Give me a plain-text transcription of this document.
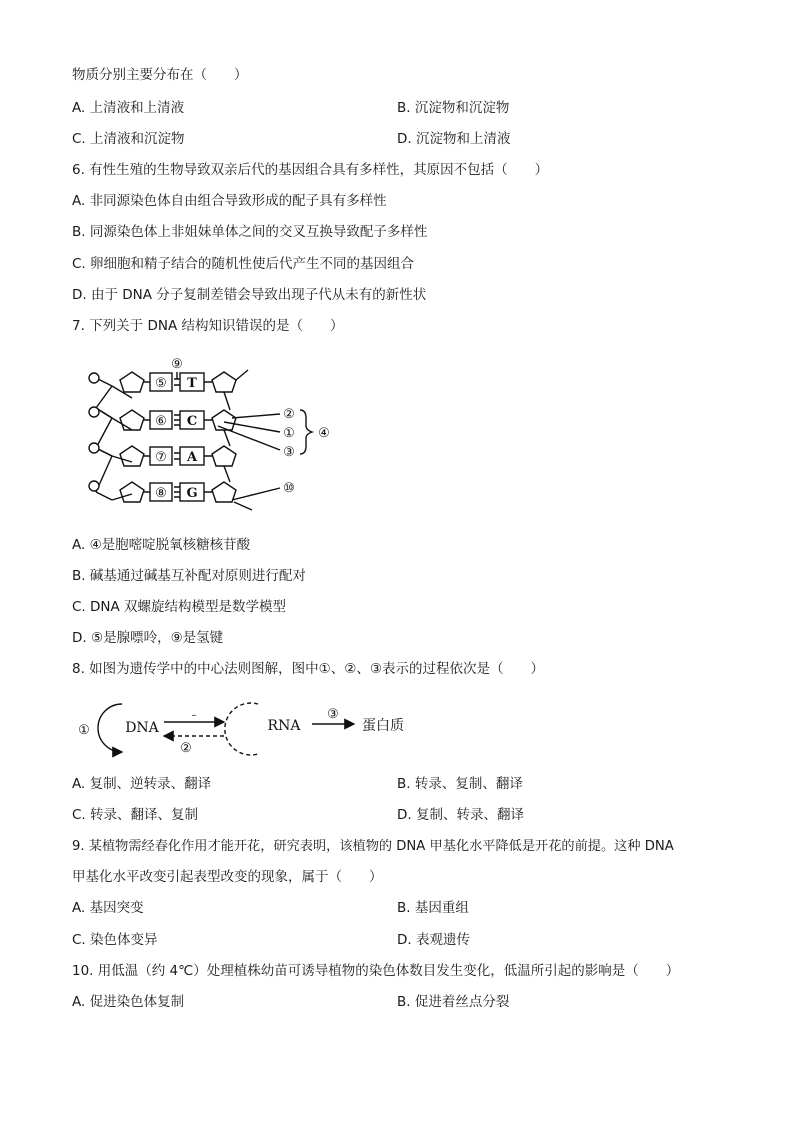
物质分别主要分布在（　　）
A. 上清液和上清液	B. 沉淀物和沉淀物
C. 上清液和沉淀物	D. 沉淀物和上清液
6. 有性生殖的生物导致双亲后代的基因组合具有多样性，其原因不包括（　　）
A. 非同源染色体自由组合导致形成的配子具有多样性
B. 同源染色体上非姐妹单体之间的交叉互换导致配子多样性
C. 卵细胞和精子结合的随机性使后代产生不同的基因组合
D. 由于 DNA 分子复制差错会导致出现子代从未有的新性状
7. 下列关于 DNA 结构知识错误的是（　　）
⑤
⑥
⑦
⑧
T
C
A
G
⑨
②
①
③
④
⑩
A. ④是胞嘧啶脱氧核糖核苷酸
B. 碱基通过碱基互补配对原则进行配对
C. DNA 双螺旋结构模型是数学模型
D. ⑤是腺嘌呤，⑨是氢键
8. 如图为遗传学中的中心法则图解，图中①、②、③表示的过程依次是（　　）
①	DNA
–
②
RNA
③
蛋白质
A. 复制、逆转录、翻译	B. 转录、复制、翻译
C. 转录、翻译、复制	D. 复制、转录、翻译
9. 某植物需经春化作用才能开花，研究表明，该植物的 DNA 甲基化水平降低是开花的前提。这种 DNA
甲基化水平改变引起表型改变的现象，属于（　　）
A. 基因突变	B. 基因重组
C. 染色体变异	D. 表观遗传
10. 用低温（约 4℃）处理植株幼苗可诱导植物的染色体数目发生变化，低温所引起的影响是（　　）
A. 促进染色体复制	B. 促进着丝点分裂
